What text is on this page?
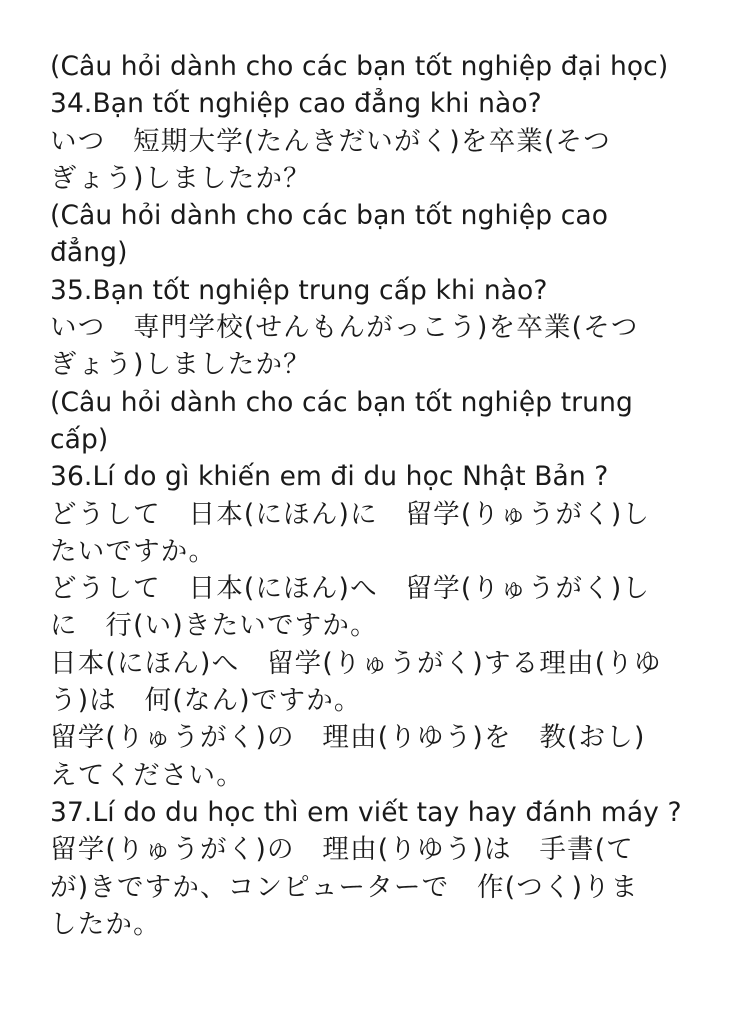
(Câu hỏi dành cho các bạn tốt nghiệp đại học)
34.Bạn tốt nghiệp cao đẳng khi nào?
いつ　短期大学(たんきだいがく)を卒業(そつ
ぎょう)しましたか？
(Câu hỏi dành cho các bạn tốt nghiệp cao
đẳng)
35.Bạn tốt nghiệp trung cấp khi nào?
いつ　専門学校(せんもんがっこう)を卒業(そつ
ぎょう)しましたか？
(Câu hỏi dành cho các bạn tốt nghiệp trung
cấp)
36.Lí do gì khiến em đi du học Nhật Bản ?
どうして　日本(にほん)に　留学(りゅうがく)し
たいですか。
どうして　日本(にほん)へ　留学(りゅうがく)し
に　行(い)きたいですか。
日本(にほん)へ　留学(りゅうがく)する理由(りゆ
う)は　何(なん)ですか。
留学(りゅうがく)の　理由(りゆう)を　教(おし)
えてください。
37.Lí do du học thì em viết tay hay đánh máy ?
留学(りゅうがく)の　理由(りゆう)は　手書(て
が)きですか、コンピューターで　作(つく)りま
したか。
